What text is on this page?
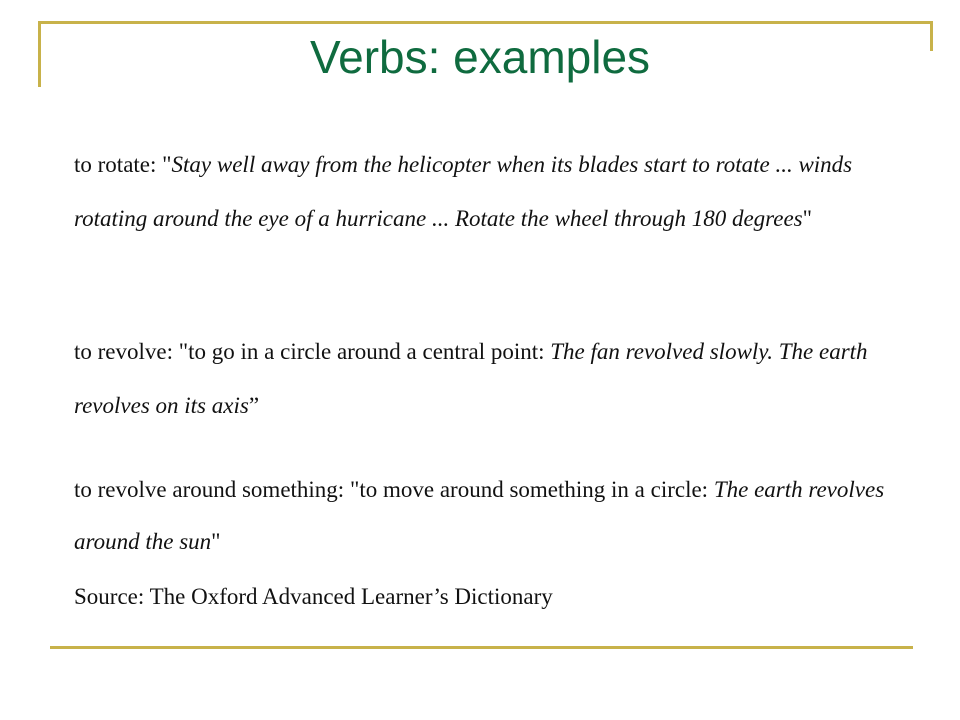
Verbs: examples

to rotate: "Stay well away from the helicopter when its blades start to rotate ... winds rotating around the eye of a hurricane ... Rotate the wheel through 180 degrees"

to revolve: "to go in a circle around a central point: The fan revolved slowly. The earth revolves on its axis”

to revolve around something: "to move around something in a circle: The earth revolves around the sun"

Source: The Oxford Advanced Learner’s Dictionary
